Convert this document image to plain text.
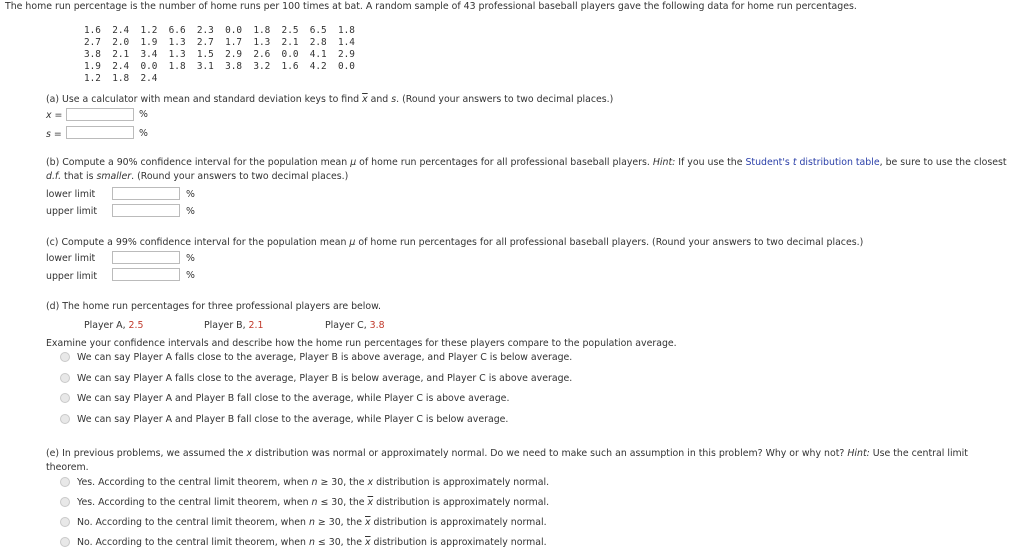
The home run percentage is the number of home runs per 100 times at bat. A random sample of 43 professional baseball players gave the following data for home run percentages.
1.6  2.4  1.2  6.6  2.3  0.0  1.8  2.5  6.5  1.8
2.7  2.0  1.9  1.3  2.7  1.7  1.3  2.1  2.8  1.4
3.8  2.1  3.4  1.3  1.5  2.9  2.6  0.0  4.1  2.9
1.9  2.4  0.0  1.8  3.1  3.8  3.2  1.6  4.2  0.0
1.2  1.8  2.4
(a) Use a calculator with mean and standard deviation keys to find $\overline{x}$ and s. (Round your answers to two decimal places.)
x =	%
s =	%
(b) Compute a 90% confidence interval for the population mean μ of home run percentages for all professional baseball players. Hint: If you use the Student's t distribution table, be sure to use the closest
d.f. that is smaller. (Round your answers to two decimal places.)
lower limit	%
upper limit	%
(c) Compute a 99% confidence interval for the population mean μ of home run percentages for all professional baseball players. (Round your answers to two decimal places.)
lower limit	%
upper limit	%
(d) The home run percentages for three professional players are below.
Player A, 2.5	Player B, 2.1	Player C, 3.8
Examine your confidence intervals and describe how the home run percentages for these players compare to the population average.
We can say Player A falls close to the average, Player B is above average, and Player C is below average.
We can say Player A falls close to the average, Player B is below average, and Player C is above average.
We can say Player A and Player B fall close to the average, while Player C is above average.
We can say Player A and Player B fall close to the average, while Player C is below average.
(e) In previous problems, we assumed the x distribution was normal or approximately normal. Do we need to make such an assumption in this problem? Why or why not? Hint: Use the central limit
theorem.
Yes. According to the central limit theorem, when n ≥ 30, the x distribution is approximately normal.
Yes. According to the central limit theorem, when n ≤ 30, the $\overline{x}$ distribution is approximately normal.
No. According to the central limit theorem, when n ≥ 30, the $\overline{x}$ distribution is approximately normal.
No. According to the central limit theorem, when n ≤ 30, the $\overline{x}$ distribution is approximately normal.
